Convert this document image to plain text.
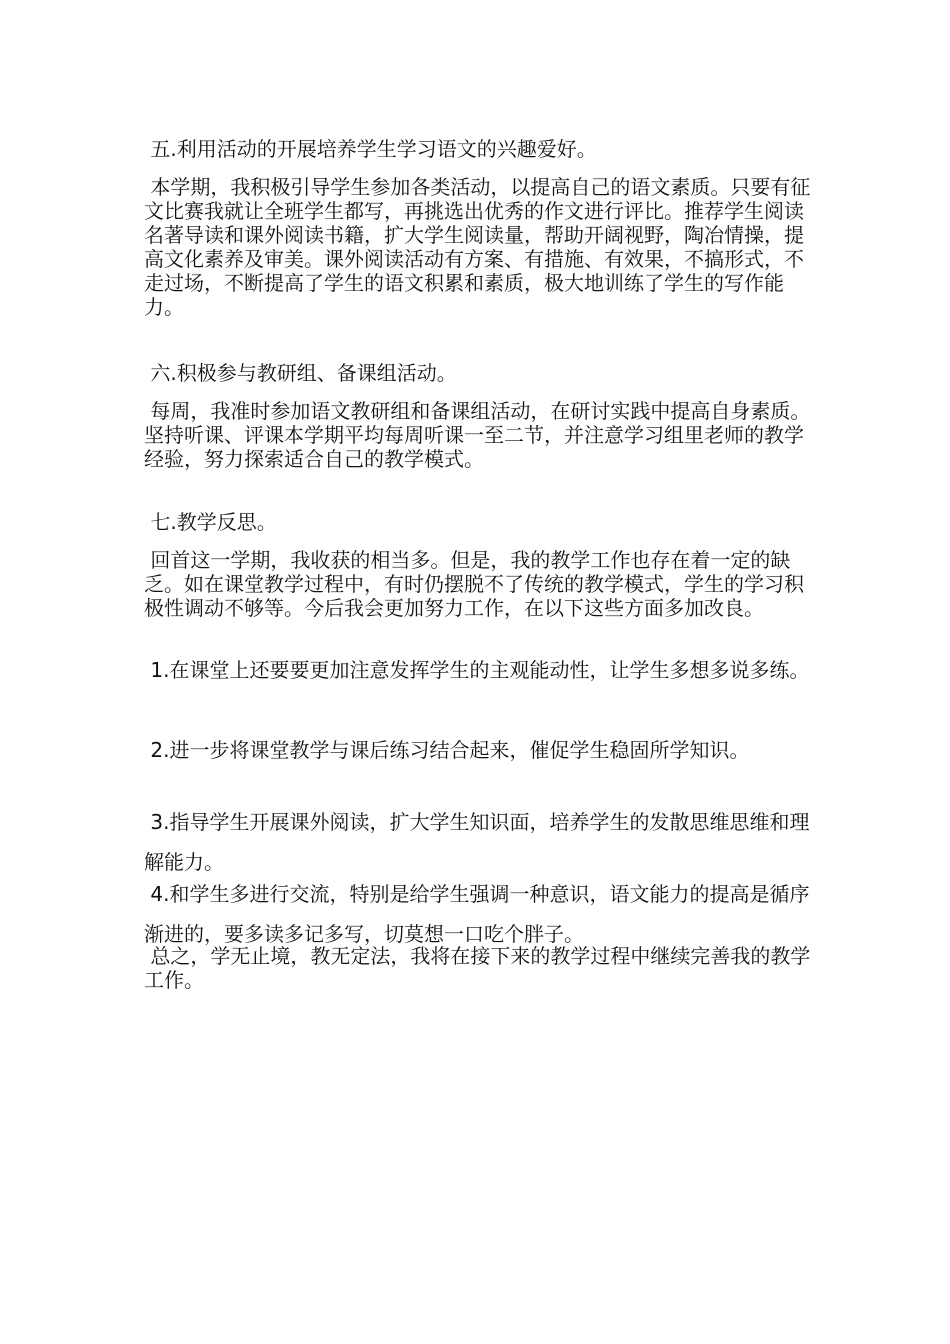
五.利用活动的开展培养学生学习语文的兴趣爱好。

本学期，我积极引导学生参加各类活动，以提高自己的语文素质。只要有征文比赛我就让全班学生都写，再挑选出优秀的作文进行评比。推荐学生阅读名著导读和课外阅读书籍，扩大学生阅读量，帮助开阔视野，陶冶情操，提高文化素养及审美。课外阅读活动有方案、有措施、有效果，不搞形式，不走过场，不断提高了学生的语文积累和素质，极大地训练了学生的写作能力。

六.积极参与教研组、备课组活动。

每周，我准时参加语文教研组和备课组活动，在研讨实践中提高自身素质。坚持听课、评课本学期平均每周听课一至二节，并注意学习组里老师的教学经验，努力探索适合自己的教学模式。

七.教学反思。

回首这一学期，我收获的相当多。但是，我的教学工作也存在着一定的缺乏。如在课堂教学过程中，有时仍摆脱不了传统的教学模式，学生的学习积极性调动不够等。今后我会更加努力工作，在以下这些方面多加改良。

1.在课堂上还要要更加注意发挥学生的主观能动性，让学生多想多说多练。

2.进一步将课堂教学与课后练习结合起来，催促学生稳固所学知识。

3.指导学生开展课外阅读，扩大学生知识面，培养学生的发散思维思维和理解能力。

4.和学生多进行交流，特别是给学生强调一种意识，语文能力的提高是循序渐进的，要多读多记多写，切莫想一口吃个胖子。

总之，学无止境，教无定法，我将在接下来的教学过程中继续完善我的教学工作。
